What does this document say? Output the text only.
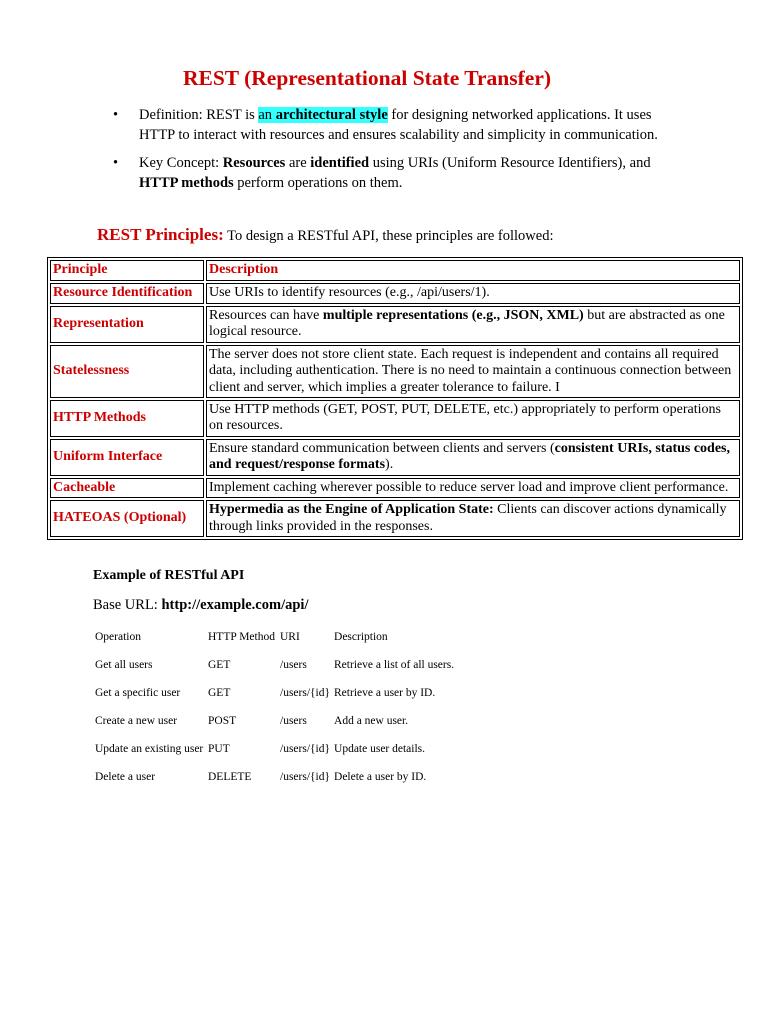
REST (Representational State Transfer)
• Definition: REST is an architectural style for designing networked applications. It uses HTTP to interact with resources and ensures scalability and simplicity in communication.
• Key Concept: Resources are identified using URIs (Uniform Resource Identifiers), and HTTP methods perform operations on them.
REST Principles: To design a RESTful API, these principles are followed:
Principle	Description
Resource Identification	Use URIs to identify resources (e.g., /api/users/1).
Representation	Resources can have multiple representations (e.g., JSON, XML) but are abstracted as one logical resource.
Statelessness	The server does not store client state. Each request is independent and contains all required data, including authentication. There is no need to maintain a continuous connection between client and server, which implies a greater tolerance to failure. I

HTTP Methods	Use HTTP methods (GET, POST, PUT, DELETE, etc.) appropriately to perform operations on resources.
Uniform Interface	Ensure standard communication between clients and servers (consistent URIs, status codes, and request/response formats).
Cacheable	Implement caching wherever possible to reduce server load and improve client performance.
HATEOAS (Optional)	Hypermedia as the Engine of Application State: Clients can discover actions dynamically through links provided in the responses.
Example of RESTful API
Base URL: http://example.com/api/
Operation	HTTP Method	URI	Description
Get all users	GET	/users	Retrieve a list of all users.
Get a specific user	GET	/users/{id}	Retrieve a user by ID.
Create a new user	POST	/users	Add a new user.
Update an existing user	PUT	/users/{id}	Update user details.
Delete a user	DELETE	/users/{id}	Delete a user by ID.
